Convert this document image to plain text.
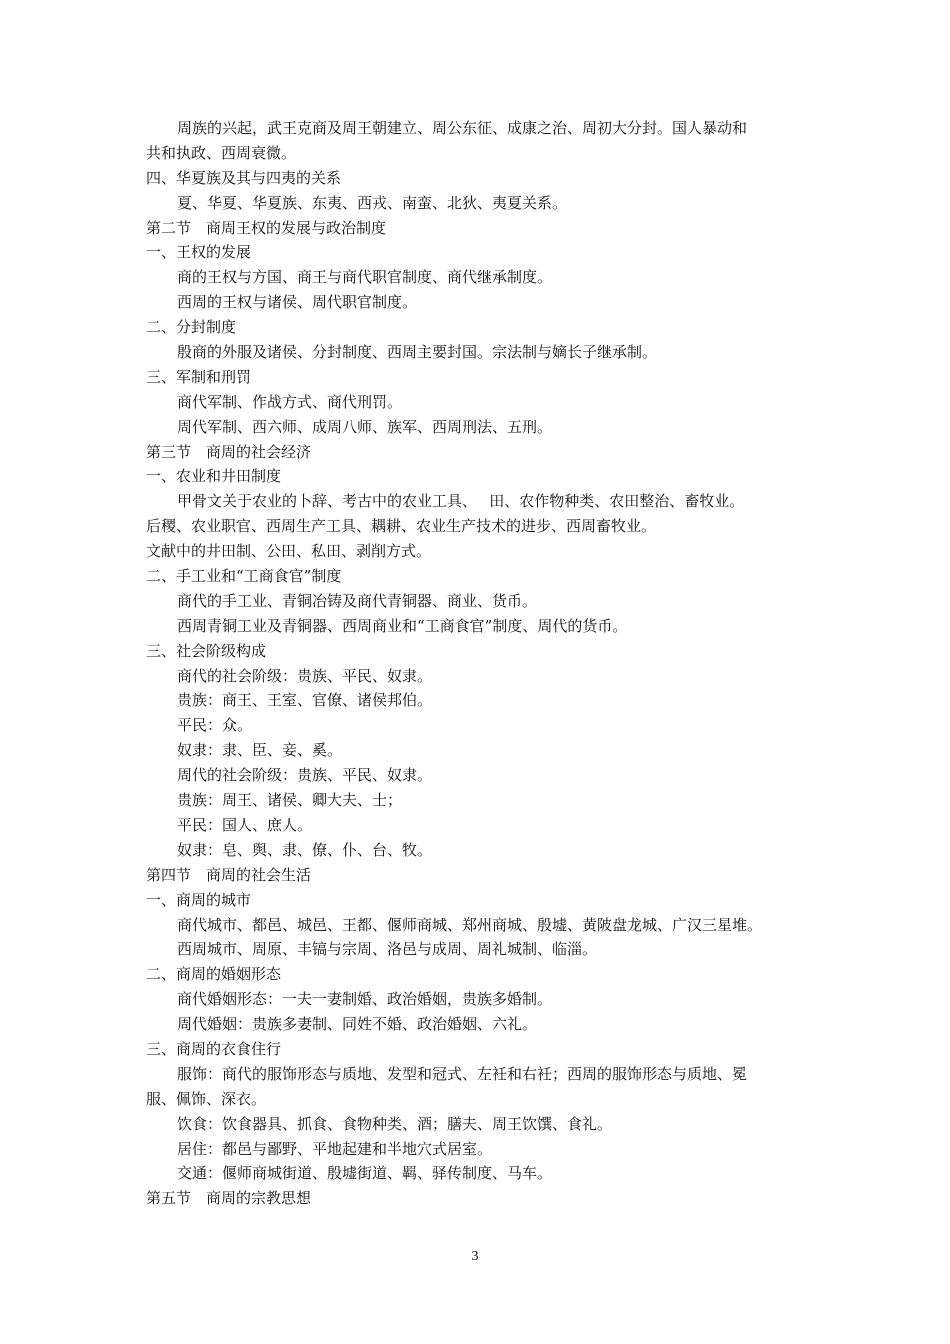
周族的兴起，武王克商及周王朝建立、周公东征、成康之治、周初大分封。国人暴动和
共和执政、西周衰微。
四、华夏族及其与四夷的关系
夏、华夏、华夏族、东夷、西戎、南蛮、北狄、夷夏关系。
第二节　商周王权的发展与政治制度
一、王权的发展
商的王权与方国、商王与商代职官制度、商代继承制度。
西周的王权与诸侯、周代职官制度。
二、分封制度
殷商的外服及诸侯、分封制度、西周主要封国。宗法制与嫡长子继承制。
三、军制和刑罚
商代军制、作战方式、商代刑罚。
周代军制、西六师、成周八师、族军、西周刑法、五刑。
第三节　商周的社会经济
一、农业和井田制度
甲骨文关于农业的卜辞、考古中的农业工具、　 田、农作物种类、农田整治、畜牧业。
后稷、农业职官、西周生产工具、耦耕、农业生产技术的进步、西周畜牧业。
文献中的井田制、公田、私田、剥削方式。
二、手工业和“工商食官”制度
商代的手工业、青铜冶铸及商代青铜器、商业、货币。
西周青铜工业及青铜器、西周商业和“工商食官”制度、周代的货币。
三、社会阶级构成
商代的社会阶级：贵族、平民、奴隶。
贵族：商王、王室、官僚、诸侯邦伯。
平民：众。
奴隶：隶、臣、妾、奚。
周代的社会阶级：贵族、平民、奴隶。
贵族：周王、诸侯、卿大夫、士；
平民：国人、庶人。
奴隶：皂、舆、隶、僚、仆、台、牧。
第四节　商周的社会生活
一、商周的城市
商代城市、都邑、城邑、王都、偃师商城、郑州商城、殷墟、黄陂盘龙城、广汉三星堆。
西周城市、周原、丰镐与宗周、洛邑与成周、周礼城制、临淄。
二、商周的婚姻形态
商代婚姻形态：一夫一妻制婚、政治婚姻，贵族多婚制。
周代婚姻：贵族多妻制、同姓不婚、政治婚姻、六礼。
三、商周的衣食住行
服饰：商代的服饰形态与质地、发型和冠式、左衽和右衽；西周的服饰形态与质地、冕
服、佩饰、深衣。
饮食：饮食器具、抓食、食物种类、酒；膳夫、周王饮馔、食礼。
居住：都邑与鄙野、平地起建和半地穴式居室。
交通：偃师商城街道、殷墟街道、羁、驿传制度、马车。
第五节　商周的宗教思想
3
